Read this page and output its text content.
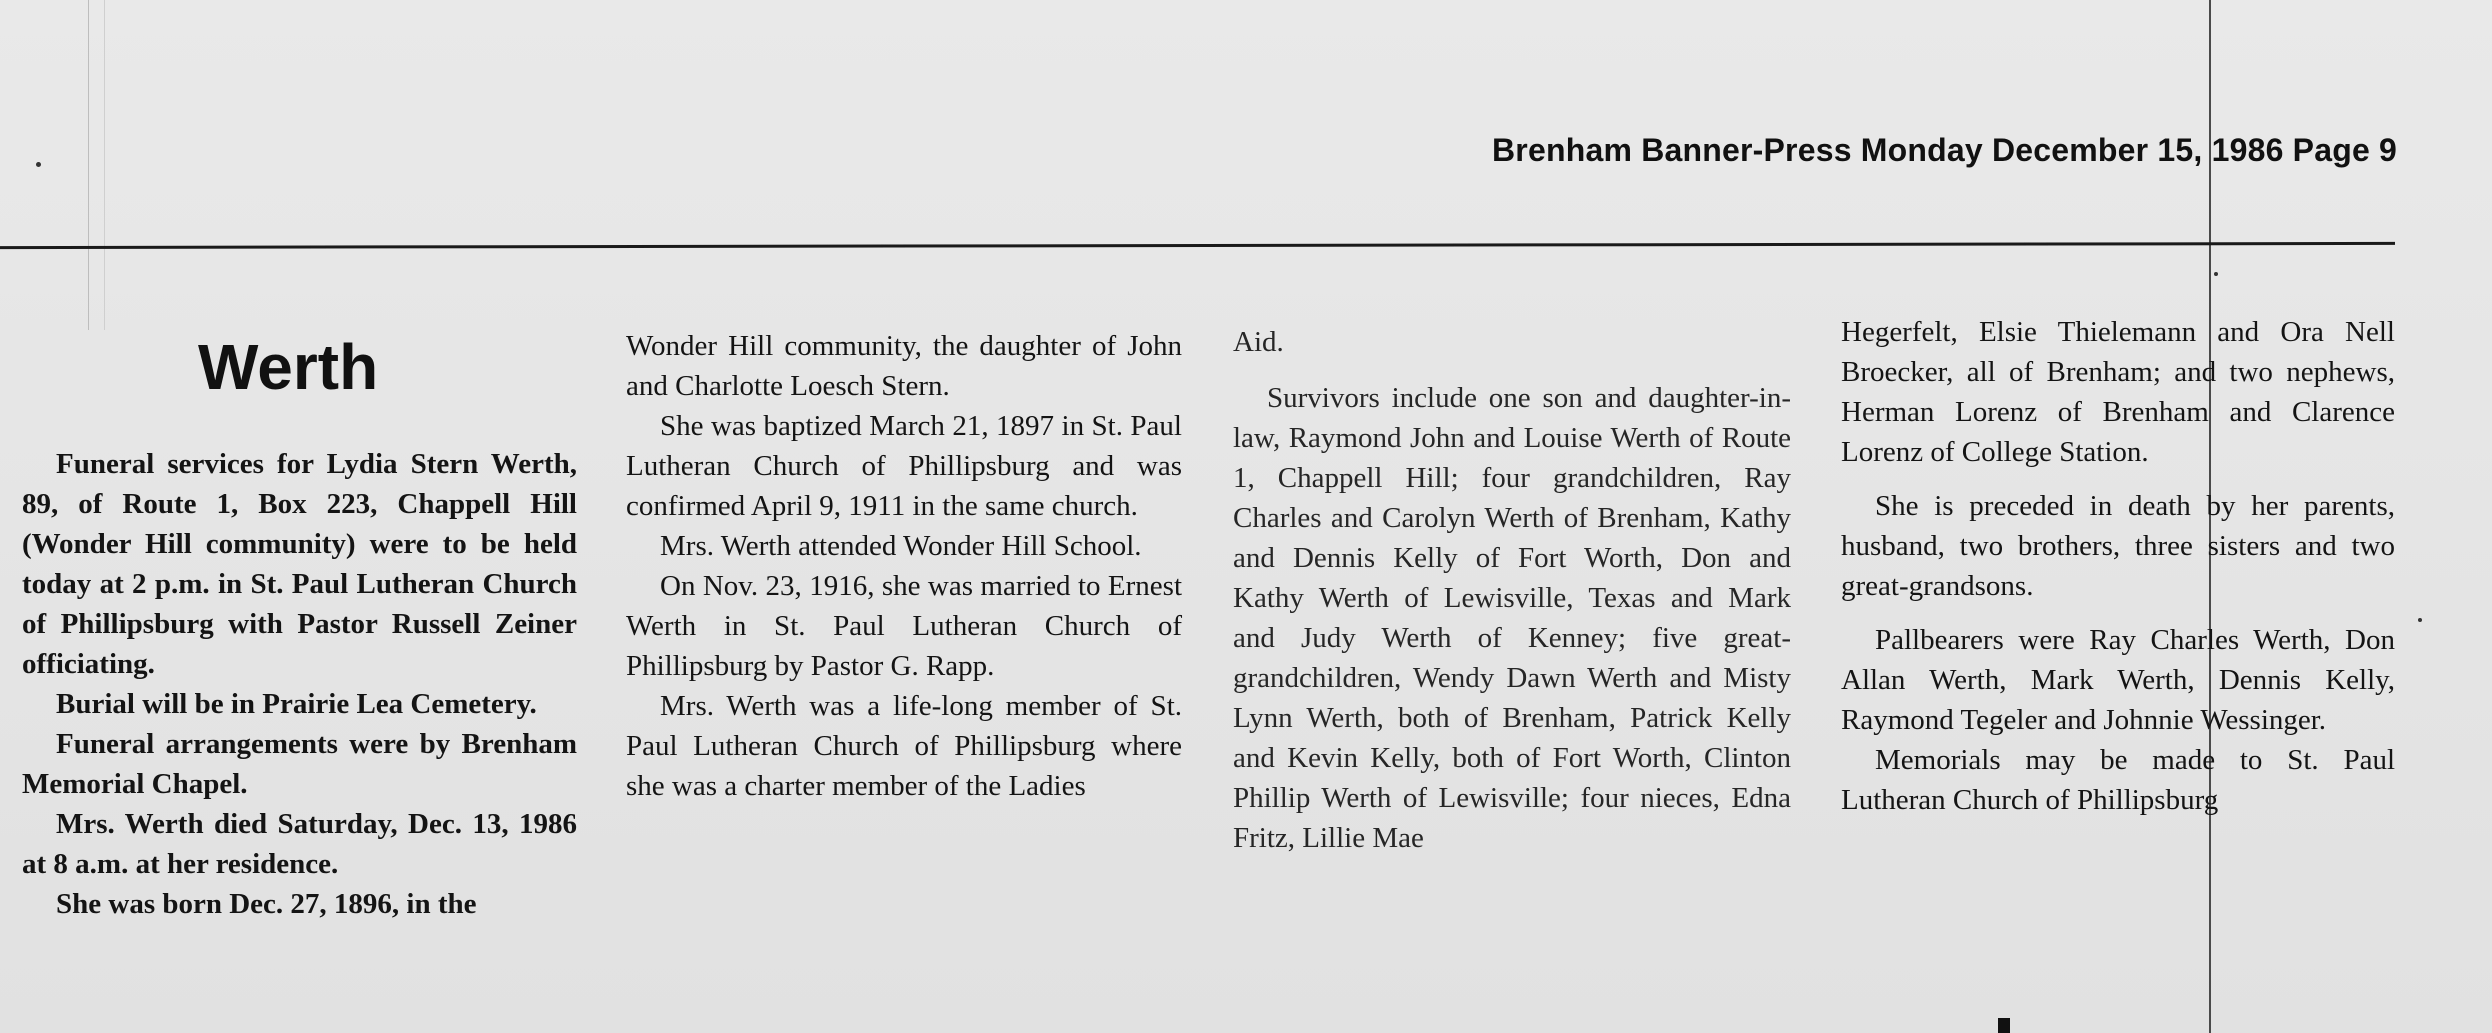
Brenham Banner-Press Monday December 15, 1986 Page 9
Werth

Funeral services for Lydia Stern Werth, 89, of Route 1, Box 223, Chappell Hill (Wonder Hill community) were to be held today at 2 p.m. in St. Paul Lutheran Church of Phillipsburg with Pastor Russell Zeiner officiating.

Burial will be in Prairie Lea Cemetery.

Funeral arrangements were by Brenham Memorial Chapel.

Mrs. Werth died Saturday, Dec. 13, 1986 at 8 a.m. at her residence.

She was born Dec. 27, 1896, in the

Wonder Hill community, the daughter of John and Charlotte Loesch Stern.

She was baptized March 21, 1897 in St. Paul Lutheran Church of Phillipsburg and was confirmed April 9, 1911 in the same church.

Mrs. Werth attended Wonder Hill School.

On Nov. 23, 1916, she was married to Ernest Werth in St. Paul Lutheran Church of Phillipsburg by Pastor G. Rapp.

Mrs. Werth was a life-long member of St. Paul Lutheran Church of Phillipsburg where she was a charter member of the Ladies

Aid.

Survivors include one son and daughter-in-law, Raymond John and Louise Werth of Route 1, Chappell Hill; four grandchildren, Ray Charles and Carolyn Werth of Brenham, Kathy and Dennis Kelly of Fort Worth, Don and Kathy Werth of Lewisville, Texas and Mark and Judy Werth of Kenney; five great-grandchildren, Wendy Dawn Werth and Misty Lynn Werth, both of Brenham, Patrick Kelly and Kevin Kelly, both of Fort Worth, Clinton Phillip Werth of Lewisville; four nieces, Edna Fritz, Lillie Mae

Hegerfelt, Elsie Thielemann and Ora Nell Broecker, all of Brenham; and two nephews, Herman Lorenz of Brenham and Clarence Lorenz of College Station.

She is preceded in death by her parents, husband, two brothers, three sisters and two great-grandsons.

Pallbearers were Ray Charles Werth, Don Allan Werth, Mark Werth, Dennis Kelly, Raymond Tegeler and Johnnie Wessinger.

Memorials may be made to St. Paul Lutheran Church of Phillipsburg
